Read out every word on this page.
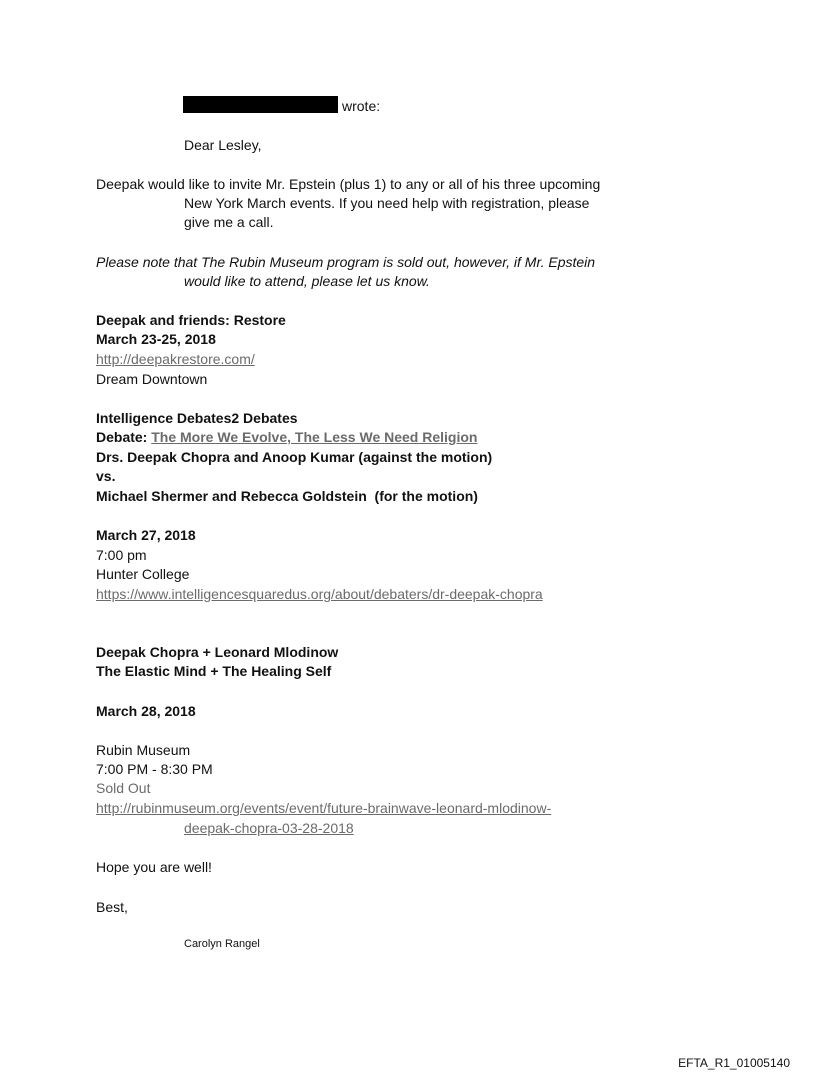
wrote:
Dear Lesley,
Deepak would like to invite Mr. Epstein (plus 1) to any or all of his three upcoming
New York March events. If you need help with registration, please
give me a call.
Please note that The Rubin Museum program is sold out, however, if Mr. Epstein
would like to attend, please let us know.
Deepak and friends: Restore
March 23-25, 2018
http://deepakrestore.com/
Dream Downtown
Intelligence Debates2 Debates
Debate: The More We Evolve, The Less We Need Religion
Drs. Deepak Chopra and Anoop Kumar (against the motion)
vs.
Michael Shermer and Rebecca Goldstein  (for the motion)
March 27, 2018
7:00 pm
Hunter College
https://www.intelligencesquaredus.org/about/debaters/dr-deepak-chopra
Deepak Chopra + Leonard Mlodinow
The Elastic Mind + The Healing Self
March 28, 2018
Rubin Museum
7:00 PM - 8:30 PM
Sold Out
http://rubinmuseum.org/events/event/future-brainwave-leonard-mlodinow-
deepak-chopra-03-28-2018
Hope you are well!
Best,
Carolyn Rangel
EFTA_R1_01005140
